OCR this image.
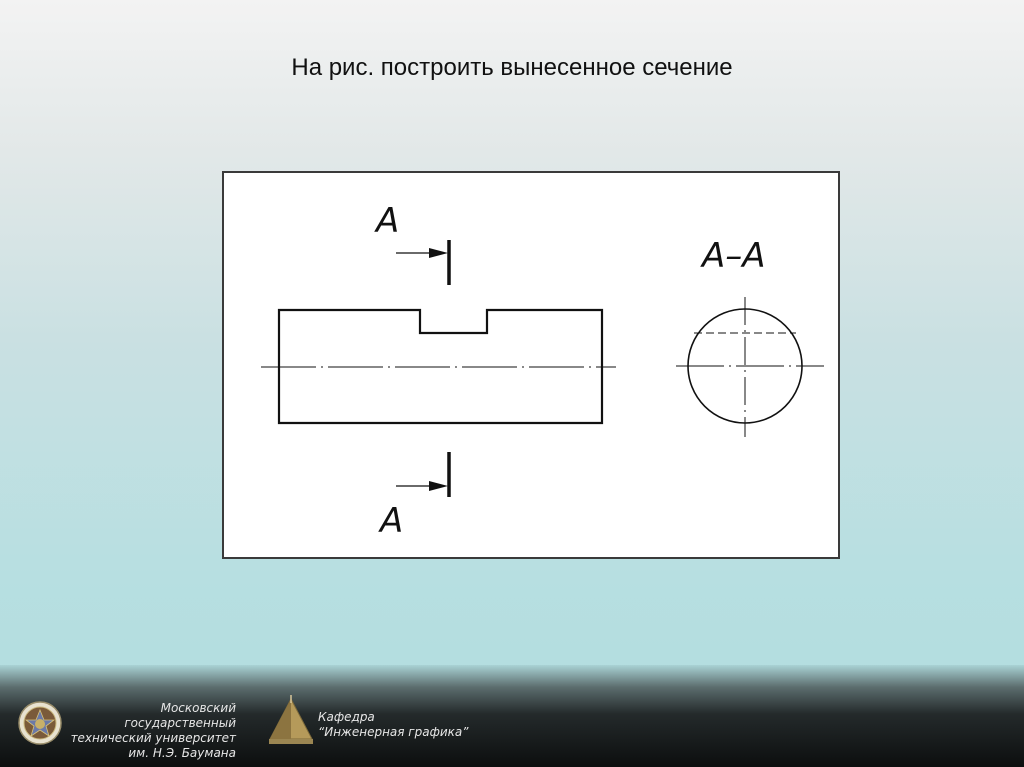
На рис. построить вынесенное сечение
A
A
A–A
Московский государственный
технический университет
им. Н.Э. Баумана
Кафедра
“Инженерная графика”
